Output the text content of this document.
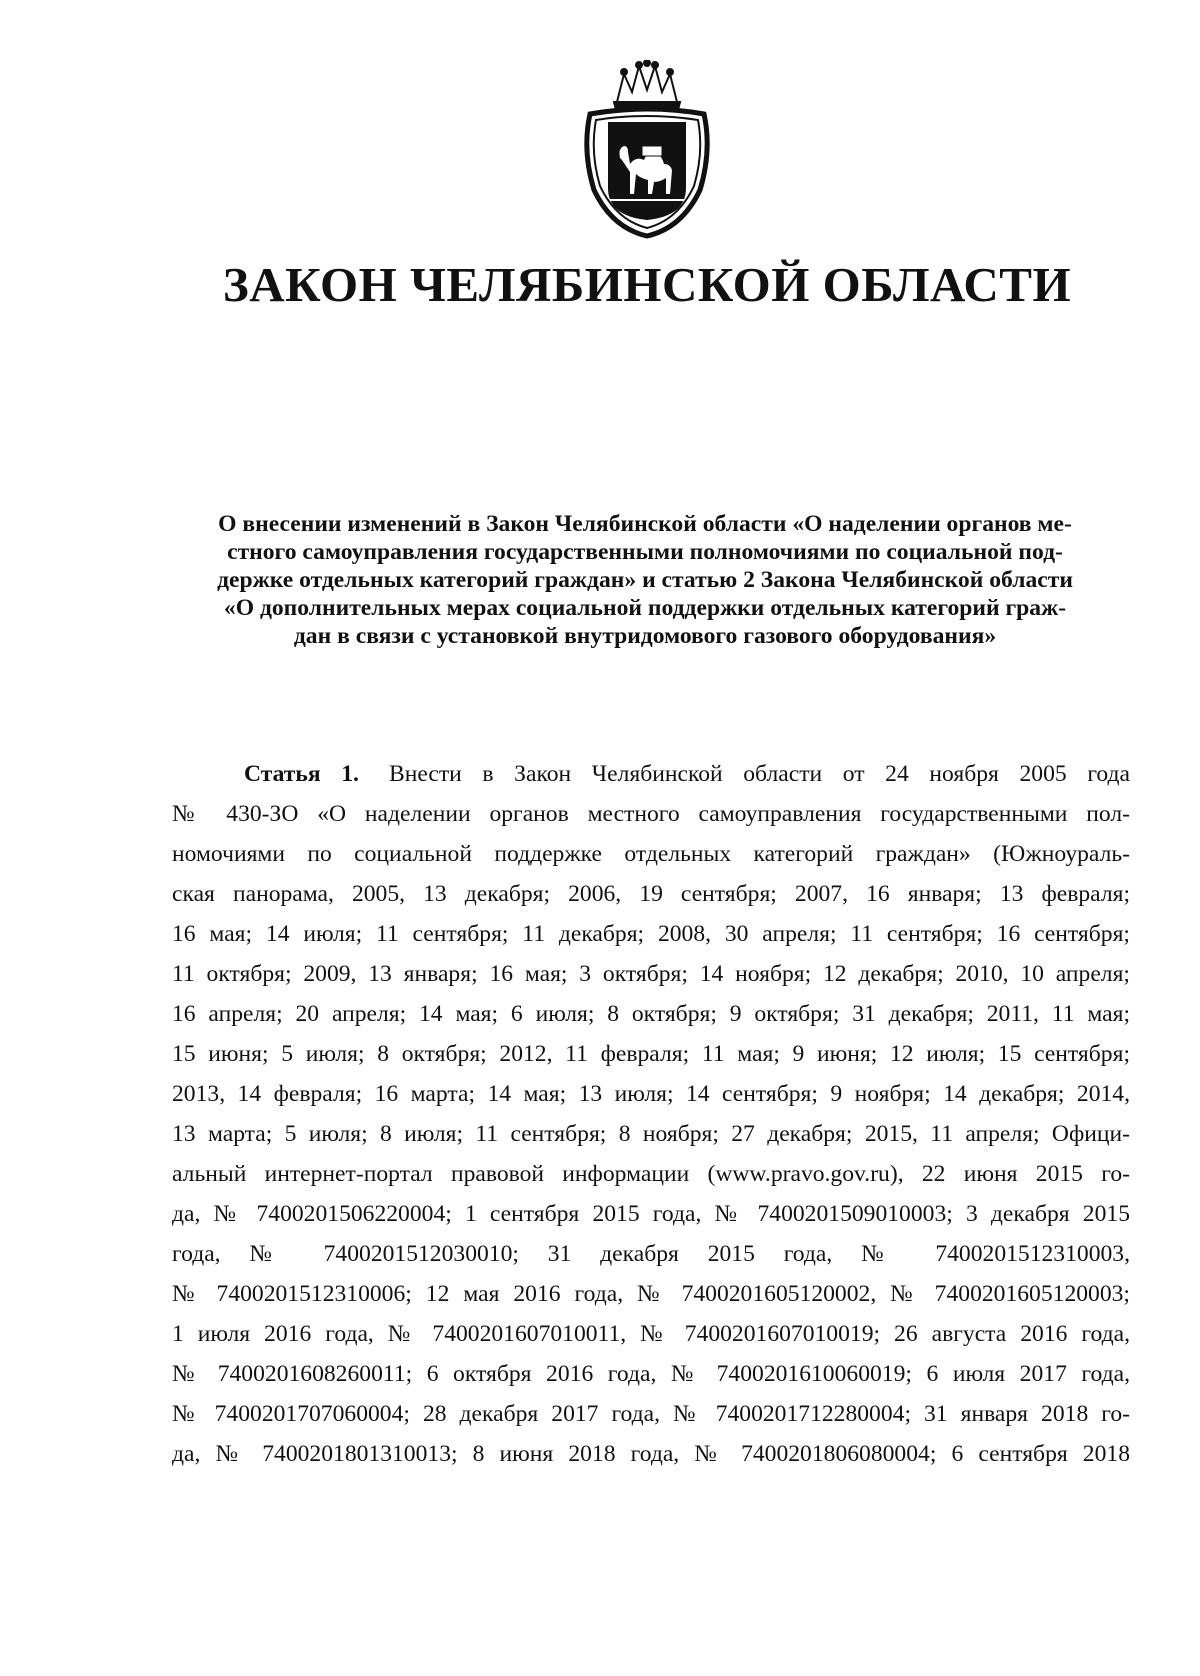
ЗАКОН ЧЕЛЯБИНСКОЙ ОБЛАСТИ
О внесении изменений в Закон Челябинской области «О наделении органов ме-
стного самоуправления государственными полномочиями по социальной под-
держке отдельных категорий граждан» и статью 2 Закона Челябинской области
«О дополнительных мерах социальной поддержки отдельных категорий граж-
дан в связи с установкой внутридомового газового оборудования»
Статья 1. Внести в Закон Челябинской области от 24 ноября 2005 года
№ 430-ЗО «О наделении органов местного самоуправления государственными пол-
номочиями по социальной поддержке отдельных категорий граждан» (Южноураль-
ская панорама, 2005, 13 декабря; 2006, 19 сентября; 2007, 16 января; 13 февраля;
16 мая; 14 июля; 11 сентября; 11 декабря; 2008, 30 апреля; 11 сентября; 16 сентября;
11 октября; 2009, 13 января; 16 мая; 3 октября; 14 ноября; 12 декабря; 2010, 10 апреля;
16 апреля; 20 апреля; 14 мая; 6 июля; 8 октября; 9 октября; 31 декабря; 2011, 11 мая;
15 июня; 5 июля; 8 октября; 2012, 11 февраля; 11 мая; 9 июня; 12 июля; 15 сентября;
2013, 14 февраля; 16 марта; 14 мая; 13 июля; 14 сентября; 9 ноября; 14 декабря; 2014,
13 марта; 5 июля; 8 июля; 11 сентября; 8 ноября; 27 декабря; 2015, 11 апреля; Офици-
альный интернет-портал правовой информации (www.pravo.gov.ru), 22 июня 2015 го-
да, № 7400201506220004; 1 сентября 2015 года, № 7400201509010003; 3 декабря 2015
года, № 7400201512030010; 31 декабря 2015 года, № 7400201512310003,
№ 7400201512310006; 12 мая 2016 года, № 7400201605120002, № 7400201605120003;
1 июля 2016 года, № 7400201607010011, № 7400201607010019; 26 августа 2016 года,
№ 7400201608260011; 6 октября 2016 года, № 7400201610060019; 6 июля 2017 года,
№ 7400201707060004; 28 декабря 2017 года, № 7400201712280004; 31 января 2018 го-
да, № 7400201801310013; 8 июня 2018 года, № 7400201806080004; 6 сентября 2018
